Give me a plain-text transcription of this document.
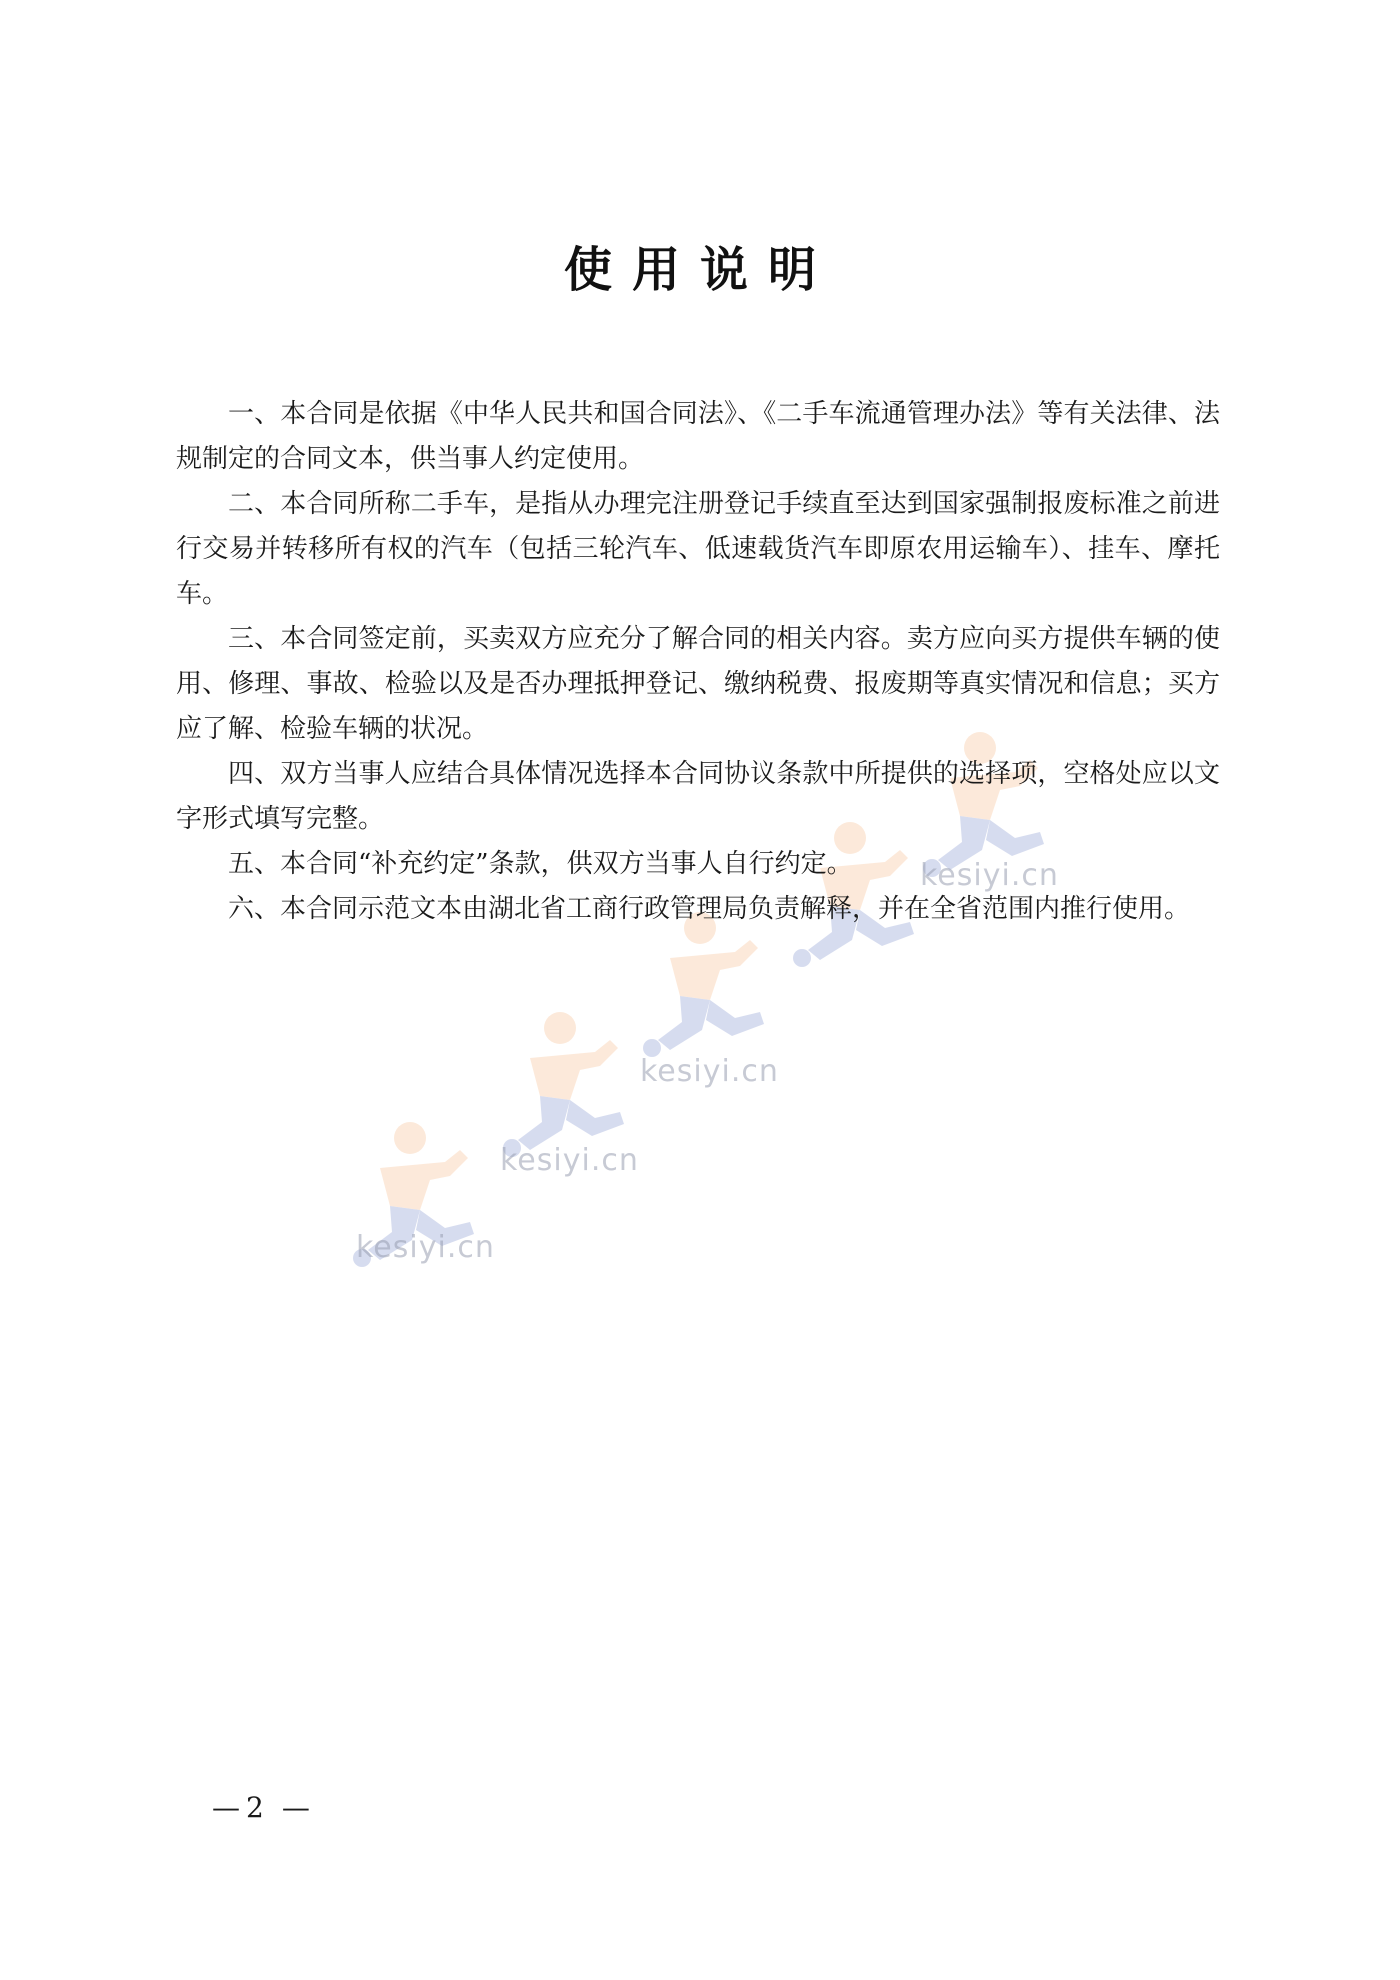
kesiyi.cn
kesiyi.cn
kesiyi.cn
kesiyi.cn
使用说明

一、本合同是依据《中华人民共和国合同法》、《二手车流通管理办法》等有关法律、法规制定的合同文本，供当事人约定使用。

二、本合同所称二手车，是指从办理完注册登记手续直至达到国家强制报废标准之前进行交易并转移所有权的汽车（包括三轮汽车、低速载货汽车即原农用运输车）、挂车、摩托车。

三、本合同签定前，买卖双方应充分了解合同的相关内容。卖方应向买方提供车辆的使用、修理、事故、检验以及是否办理抵押登记、缴纳税费、报废期等真实情况和信息；买方应了解、检验车辆的状况。

四、双方当事人应结合具体情况选择本合同协议条款中所提供的选择项，空格处应以文字形式填写完整。

五、本合同“补充约定”条款，供双方当事人自行约定。

六、本合同示范文本由湖北省工商行政管理局负责解释，并在全省范围内推行使用。

— 2 —
